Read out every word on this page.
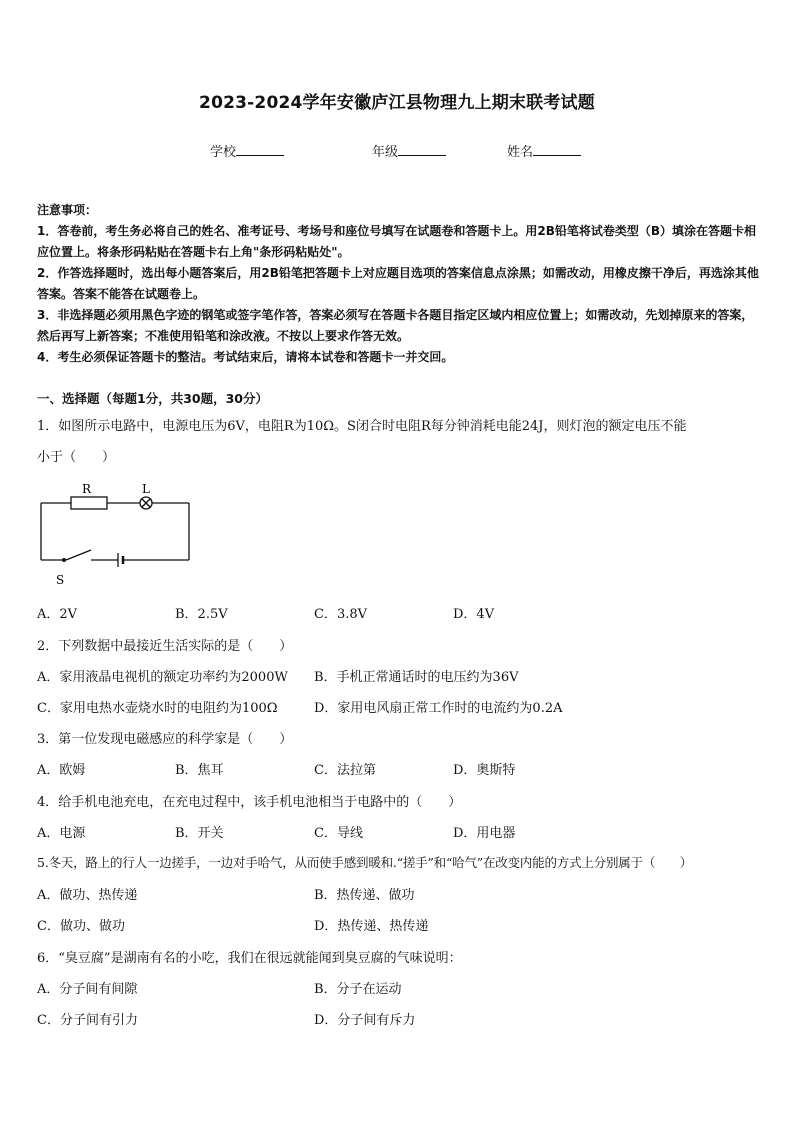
2023-2024学年安徽庐江县物理九上期末联考试题
学校	年级	姓名
注意事项：
1．答卷前，考生务必将自己的姓名、准考证号、考场号和座位号填写在试题卷和答题卡上。用2B铅笔将试卷类型（B）填涂在答题卡相应位置上。将条形码粘贴在答题卡右上角"条形码粘贴处"。
2．作答选择题时，选出每小题答案后，用2B铅笔把答题卡上对应题目选项的答案信息点涂黑；如需改动，用橡皮擦干净后，再选涂其他答案。答案不能答在试题卷上。
3．非选择题必须用黑色字迹的钢笔或签字笔作答，答案必须写在答题卡各题目指定区域内相应位置上；如需改动，先划掉原来的答案，然后再写上新答案；不准使用铅笔和涂改液。不按以上要求作答无效。
4．考生必须保证答题卡的整洁。考试结束后，请将本试卷和答题卡一并交回。
一、选择题（每题1分，共30题，30分）
1．如图所示电路中，电源电压为6V，电阻R为10Ω。S闭合时电阻R每分钟消耗电能24J，则灯泡的额定电压不能
小于（　　）
R	L
S
A．2V	B．2.5V	C．3.8V	D．4V
2．下列数据中最接近生活实际的是（　　）
A．家用液晶电视机的额定功率约为2000W B．手机正常通话时的电压约为36V
C．家用电热水壶烧水时的电阻约为100Ω	D．家用电风扇正常工作时的电流约为0.2A
3．第一位发现电磁感应的科学家是（　　）
A．欧姆	B．焦耳	C．法拉第	D．奥斯特
4．给手机电池充电，在充电过程中，该手机电池相当于电路中的（　　）
A．电源	B．开关	C．导线	D．用电器
5.冬天，路上的行人一边搓手，一边对手哈气，从而使手感到暖和.“搓手”和“哈气”在改变内能的方式上分别属于（　　）
A．做功、热传递	B．热传递、做功
C．做功、做功	D．热传递、热传递
6．“臭豆腐”是湖南有名的小吃，我们在很远就能闻到臭豆腐的气味说明：
A．分子间有间隙	B．分子在运动
C．分子间有引力	D．分子间有斥力
